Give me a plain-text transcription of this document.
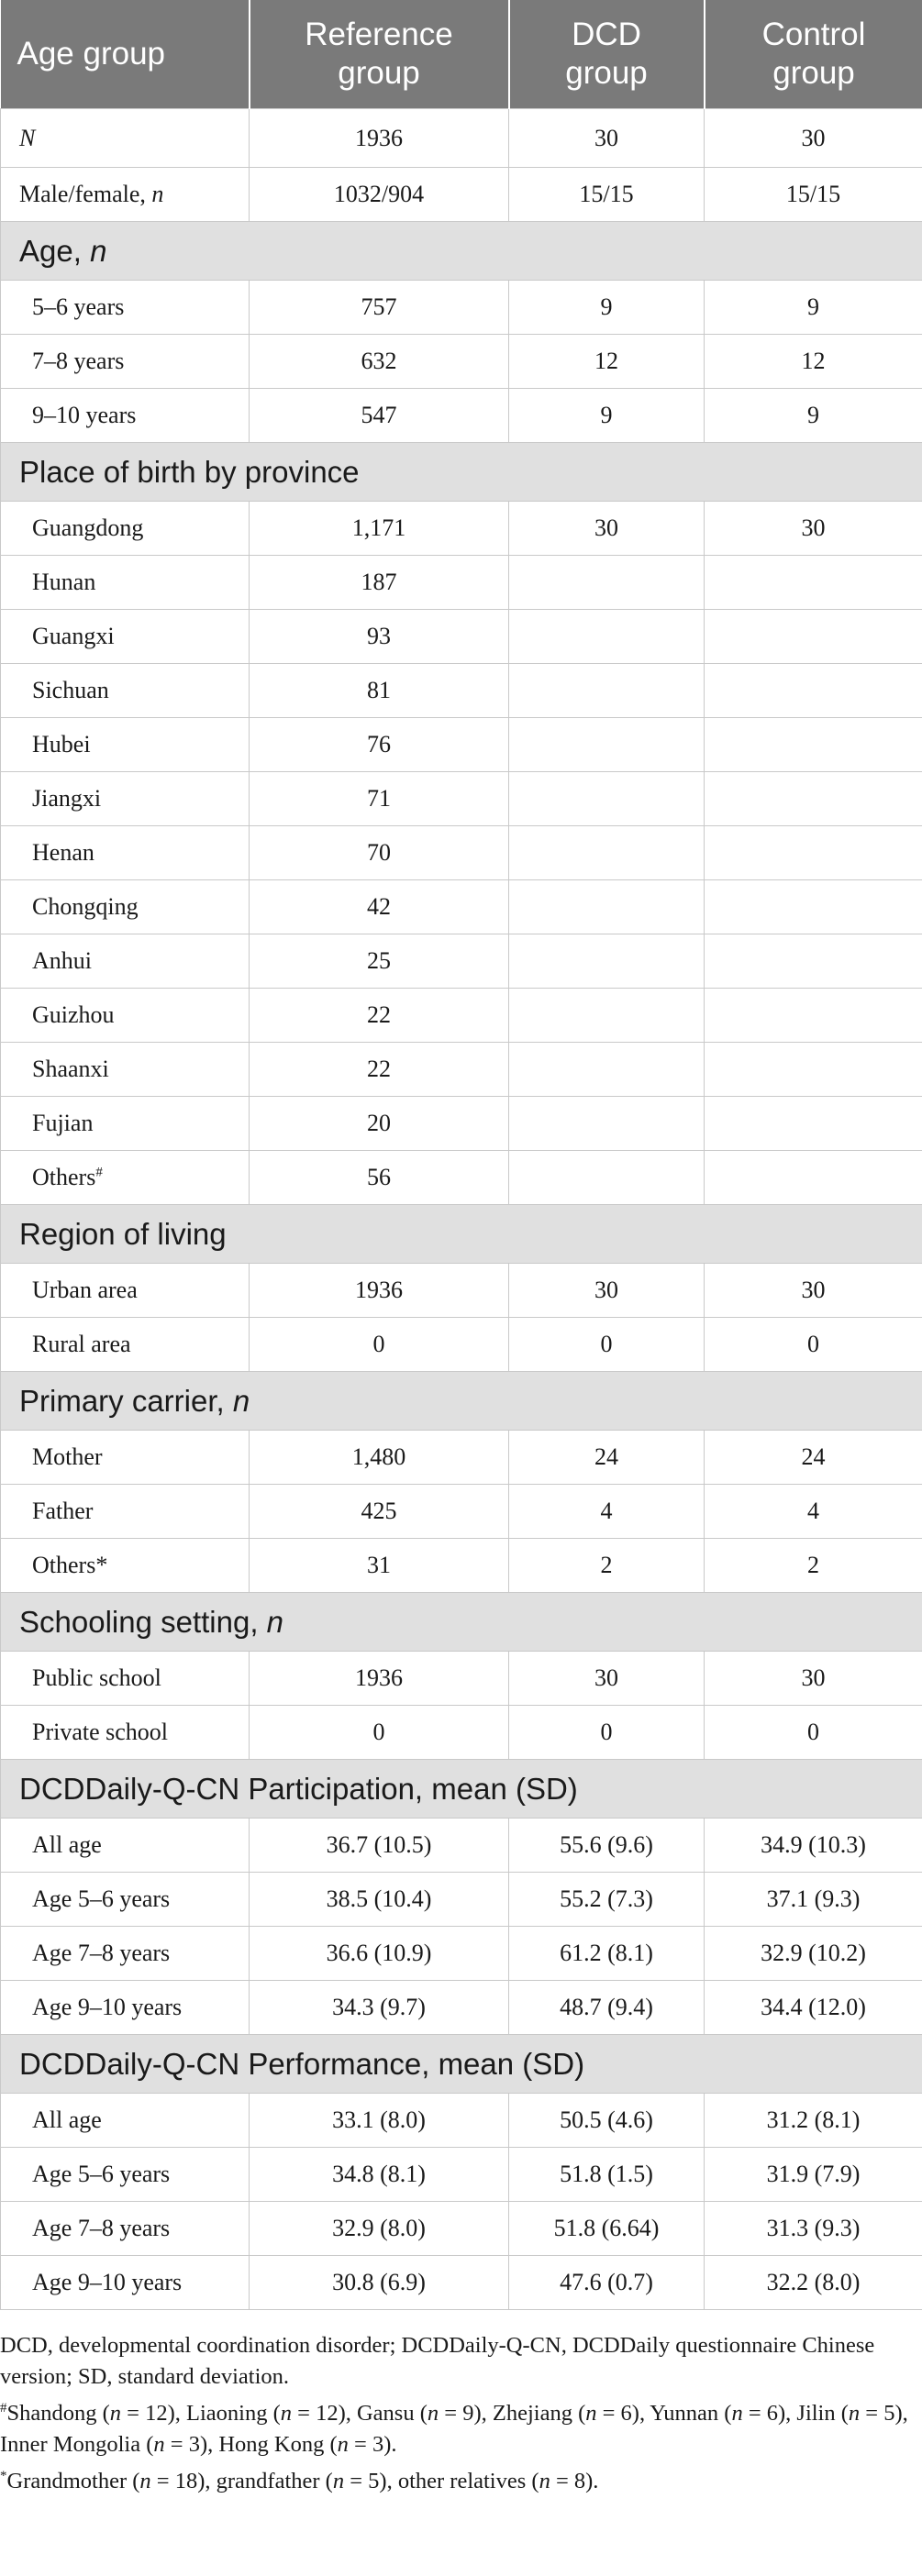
Age group	Reference group	DCD group	Control group
N	1936	30	30
Male/female, n	1032/904	15/15	15/15
Age, n			
5–6 years	757	9	9
7–8 years	632	12	12
9–10 years	547	9	9
Place of birth by province			
Guangdong	1,171	30	30
Hunan	187		
Guangxi	93		
Sichuan	81		
Hubei	76		
Jiangxi	71		
Henan	70		
Chongqing	42		
Anhui	25		
Guizhou	22		
Shaanxi	22		
Fujian	20		
Others#	56		
Region of living			
Urban area	1936	30	30
Rural area	0	0	0
Primary carrier, n			
Mother	1,480	24	24
Father	425	4	4
Others*	31	2	2
Schooling setting, n			
Public school	1936	30	30
Private school	0	0	0
DCDDaily-Q-CN Participation, mean (SD)			
All age	36.7 (10.5)	55.6 (9.6)	34.9 (10.3)
Age 5–6 years	38.5 (10.4)	55.2 (7.3)	37.1 (9.3)
Age 7–8 years	36.6 (10.9)	61.2 (8.1)	32.9 (10.2)
Age 9–10 years	34.3 (9.7)	48.7 (9.4)	34.4 (12.0)
DCDDaily-Q-CN Performance, mean (SD)			
All age	33.1 (8.0)	50.5 (4.6)	31.2 (8.1)
Age 5–6 years	34.8 (8.1)	51.8 (1.5)	31.9 (7.9)
Age 7–8 years	32.9 (8.0)	51.8 (6.64)	31.3 (9.3)
Age 9–10 years	30.8 (6.9)	47.6 (0.7)	32.2 (8.0)

DCD, developmental coordination disorder; DCDDaily-Q-CN, DCDDaily questionnaire Chinese version; SD, standard deviation.

#Shandong (n = 12), Liaoning (n = 12), Gansu (n = 9), Zhejiang (n = 6), Yunnan (n = 6), Jilin (n = 5), Inner Mongolia (n = 3), Hong Kong (n = 3).

*Grandmother (n = 18), grandfather (n = 5), other relatives (n = 8).
